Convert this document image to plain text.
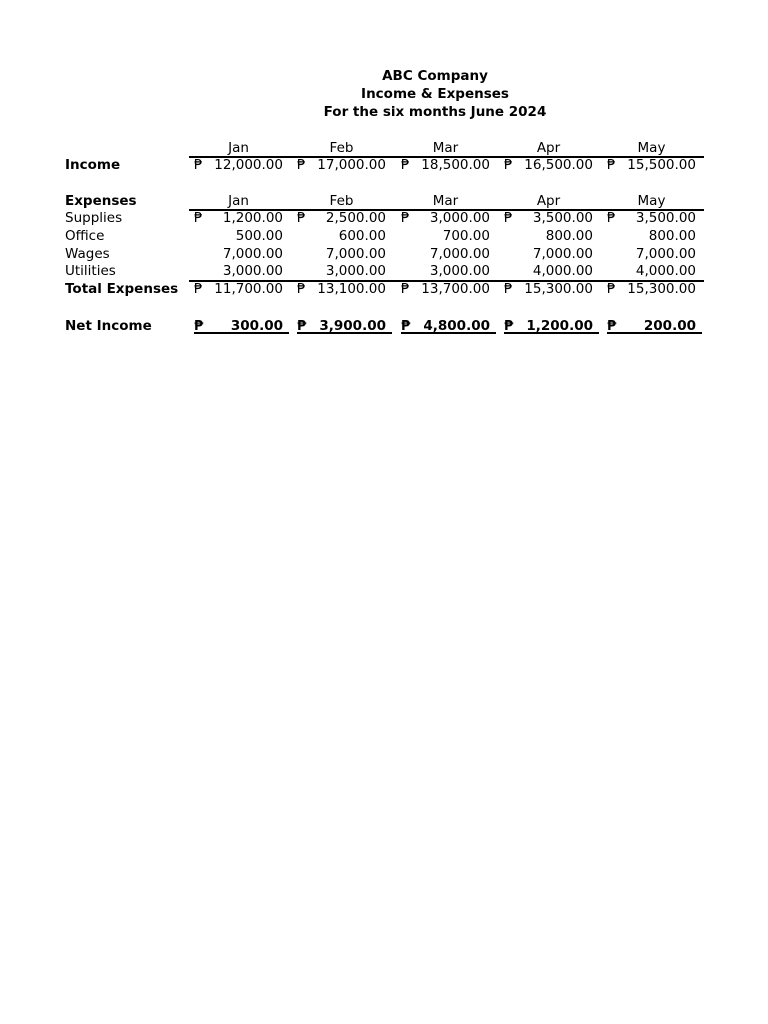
ABC Company
Income & Expenses
For the six months June 2024
Jan	Feb	Mar	Apr	May
Income	₱ 12,000.00 ₱ 17,000.00 ₱ 18,500.00 ₱ 16,500.00 ₱ 15,500.00
Expenses	Jan	Feb	Mar	Apr	May
Supplies	₱ 1,200.00 ₱ 2,500.00 ₱ 3,000.00 ₱ 3,500.00 ₱ 3,500.00
Office	500.00	600.00	700.00	800.00	800.00
Wages	7,000.00	7,000.00	7,000.00	7,000.00	7,000.00
Utilities	3,000.00	3,000.00	3,000.00	4,000.00	4,000.00
Total Expenses ₱ 11,700.00 ₱ 13,100.00 ₱ 13,700.00 ₱ 15,300.00 ₱ 15,300.00
Net Income	₱ 300.00 ₱ 3,900.00 ₱ 4,800.00 ₱ 1,200.00 ₱ 200.00
